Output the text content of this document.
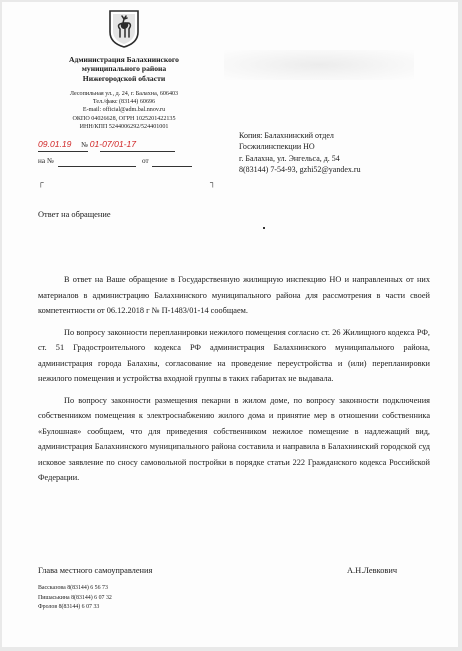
Администрация Балахнинского
муниципального района
Нижегородской области
Лесопильная ул., д. 24, г. Балахна, 606403
Тел./факс (83144) 60696
E-mail: official@adm.bal.nnov.ru
ОКПО 04026628, ОГРН 1025201422135
ИНН/КПП 5244006292/524401001
09.01.19 № 01-07/01-17
на №	от
┌	┐
Копия: Балахнинский отдел
Госжилинспекции НО
г. Балахна, ул. Энгельса, д. 54
8(83144) 7-54-93, gzhi52@yandex.ru
Ответ на обращение

В ответ на Ваше обращение в Государственную жилищную инспекцию НО и направленных от них материалов в администрацию Балахнинского муниципального района для рассмотрения в части своей компетентности от 06.12.2018 г № П-1483/01-14 сообщаем.

По вопросу законности перепланировки нежилого помещения согласно ст. 26 Жилищного кодекса РФ, ст. 51 Градостроительного кодекса РФ администрация Балахнинского муниципального района, администрация города Балахны, согласование на проведение переустройства и (или) перепланировки нежилого помещения и устройства входной группы в таких габаритах не выдавала.

По вопросу законности размещения пекарни в жилом доме, по вопросу законности подключения собственником помещения к электроснабжению жилого дома и принятие мер в отношении собственника «Булошная» сообщаем, что для приведения собственником нежилое помещение в надлежащий вид, администрация Балахнинского муниципального района составила и направила в Балахнинский городской суд исковое заявление по сносу самовольной постройки в порядке статьи 222 Гражданского кодекса Российской Федерации.

Глава местного самоуправления	А.Н.Левкович
Вассказова 8(83144) 6 56 73
Пишаськина 8(83144) 6 07 32
Фролов 8(83144) 6 07 33
